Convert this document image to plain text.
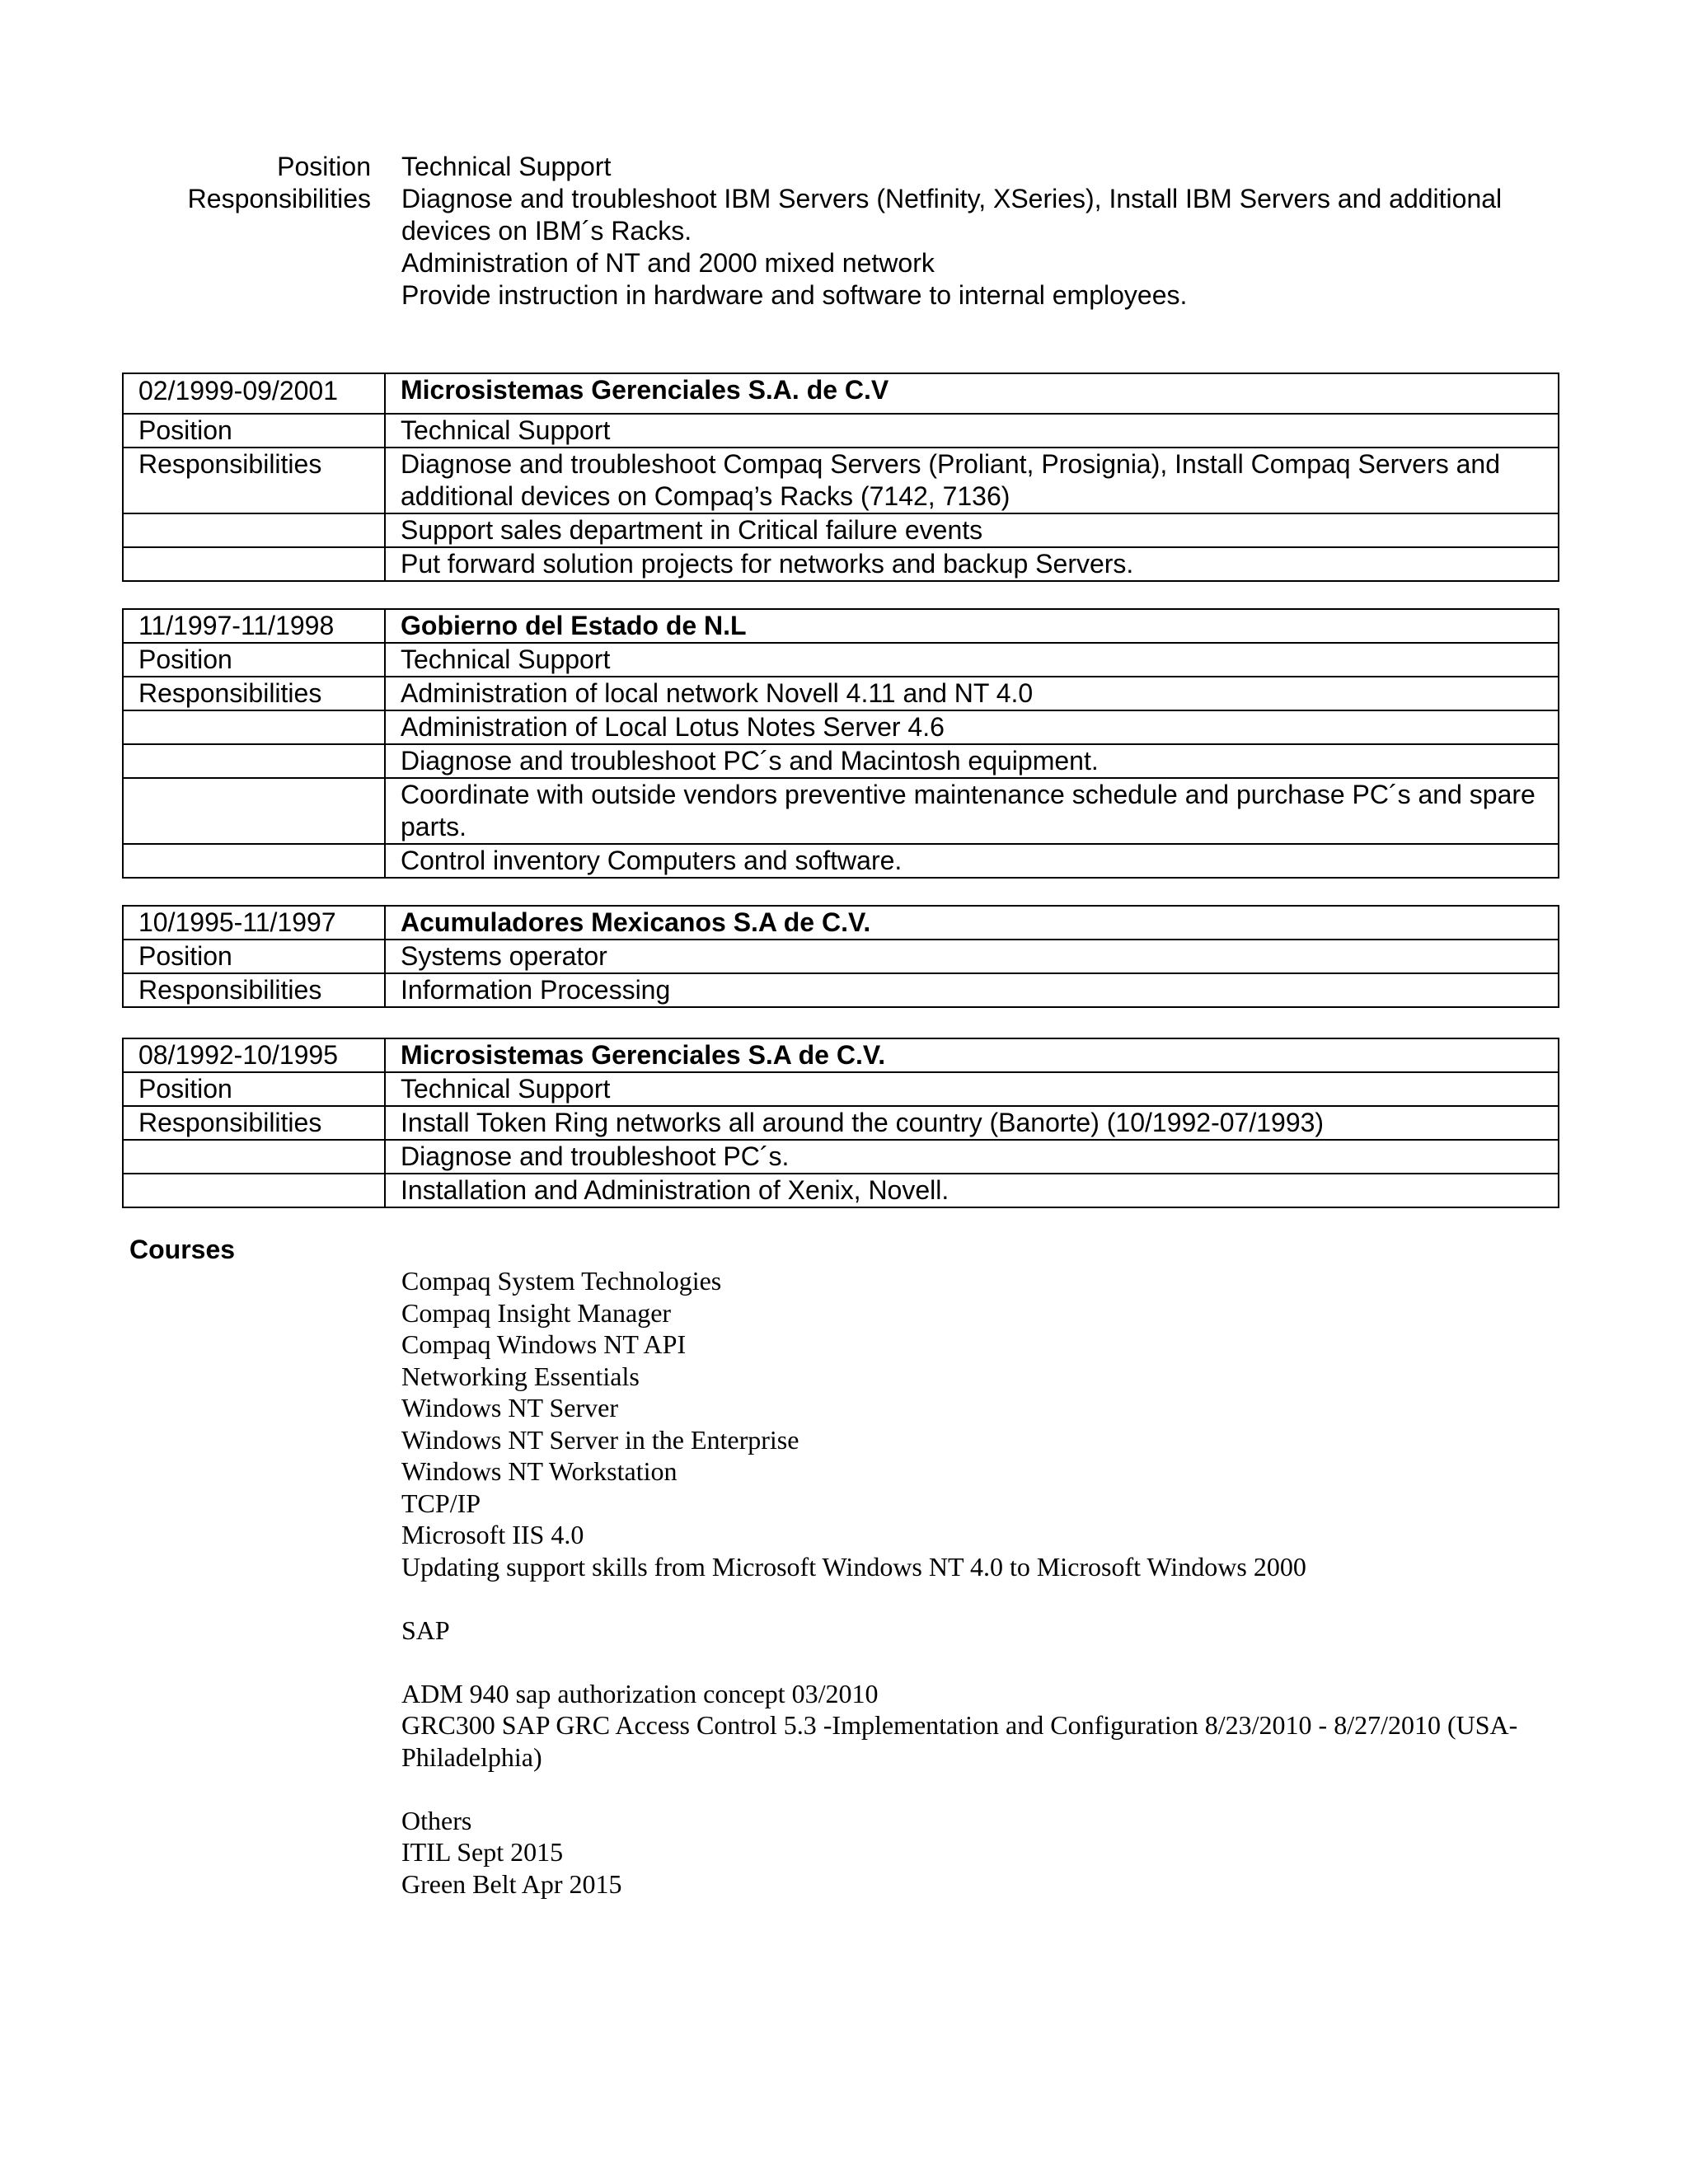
Position Technical Support
Responsibilities Diagnose and troubleshoot IBM Servers (Netfinity, XSeries), Install IBM Servers and additional
devices on IBM´s Racks.
Administration of NT and 2000 mixed network
Provide instruction in hardware and software to internal employees.
02/1999-09/2001	Microsistemas Gerenciales S.A. de C.V
Position	Technical Support
Responsibilities	Diagnose and troubleshoot Compaq Servers (Proliant, Prosignia), Install Compaq Servers and additional devices on Compaq’s Racks (7142, 7136)
	Support sales department in Critical failure events
	Put forward solution projects for networks and backup Servers.
11/1997-11/1998	Gobierno del Estado de N.L
Position	Technical Support
Responsibilities	Administration of local network Novell 4.11 and NT 4.0
	Administration of Local Lotus Notes Server 4.6
	Diagnose and troubleshoot PC´s and Macintosh equipment.
	Coordinate with outside vendors preventive maintenance schedule and purchase PC´s and spare parts.
	Control inventory Computers and software.
10/1995-11/1997	Acumuladores Mexicanos S.A de C.V.
Position	Systems operator
Responsibilities	Information Processing
08/1992-10/1995	Microsistemas Gerenciales S.A de C.V.
Position	Technical Support
Responsibilities	Install Token Ring networks all around the country (Banorte) (10/1992-07/1993)
	Diagnose and troubleshoot PC´s.
	Installation and Administration of Xenix, Novell.
Courses
Compaq System Technologies
Compaq Insight Manager
Compaq Windows NT API
Networking Essentials
Windows NT Server
Windows NT Server in the Enterprise
Windows NT Workstation
TCP/IP
Microsoft IIS 4.0
Updating support skills from Microsoft Windows NT 4.0 to Microsoft Windows 2000
SAP
ADM 940 sap authorization concept 03/2010
GRC300 SAP GRC Access Control 5.3 -Implementation and Configuration 8/23/2010 - 8/27/2010 (USA-Philadelphia)
Others
ITIL Sept 2015
Green Belt Apr 2015
